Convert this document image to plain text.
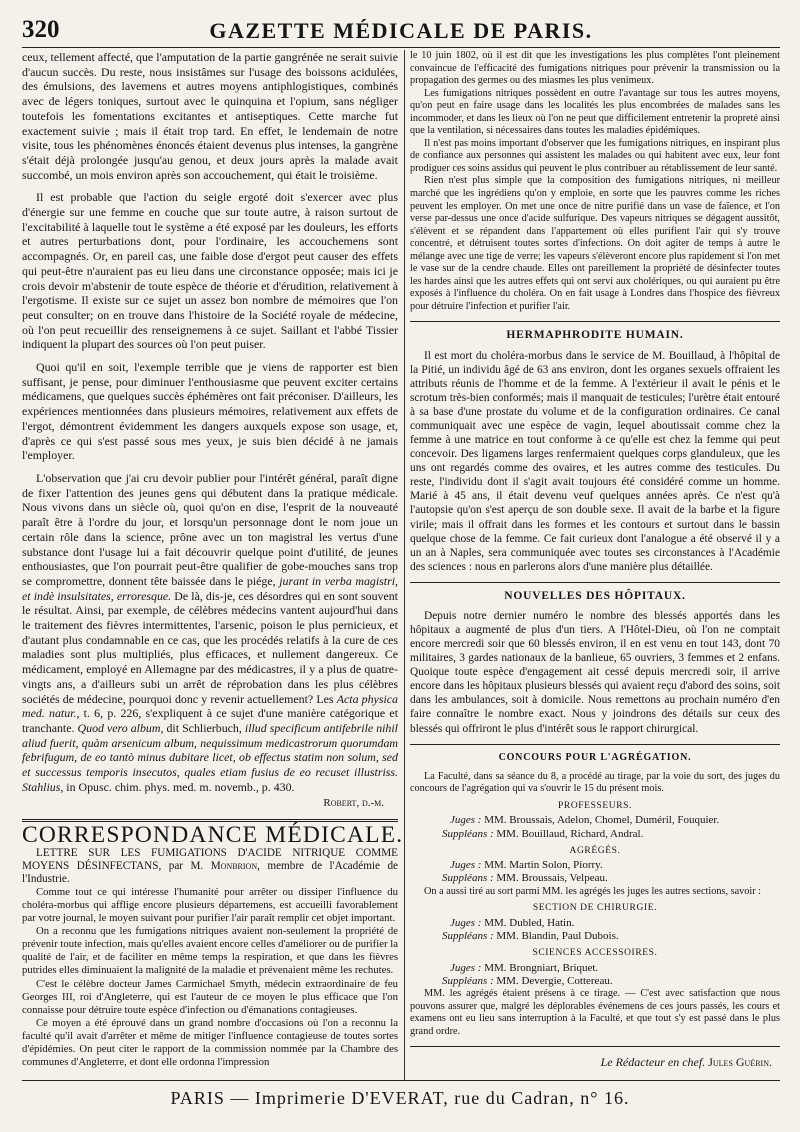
320	GAZETTE MÉDICALE DE PARIS.

ceux, tellement affecté, que l'amputation de la partie gangrénée ne serait suivie d'aucun succès. Du reste, nous insistâmes sur l'usage des boissons acidulées, des émulsions, des lavemens et autres moyens antiphlogistiques, combinés avec de légers toniques, surtout avec le quinquina et l'opium, sans négliger toutefois les fomentations excitantes et antiseptiques. Cette marche fut exactement suivie ; mais il était trop tard. En effet, le lendemain de notre visite, tous les phénomènes énoncés étaient devenus plus intenses, la gangrène s'était déjà prolongée jusqu'au genou, et deux jours après la malade avait succombé, un mois environ après son accouchement, qui était le troisième.

Il est probable que l'action du seigle ergoté doit s'exercer avec plus d'énergie sur une femme en couche que sur toute autre, à raison surtout de l'excitabilité à laquelle tout le système a été exposé par les douleurs, les efforts et autres perturbations dont, pour l'ordinaire, les accouchemens sont accompagnés. Or, en pareil cas, une faible dose d'ergot peut causer des effets qui peut-être n'auraient pas eu lieu dans une circonstance opposée; mais ici je crois devoir m'abstenir de toute espèce de théorie et d'érudition, relativement à l'ergotisme. Il existe sur ce sujet un assez bon nombre de mémoires que l'on peut consulter; on en trouve dans l'histoire de la Société royale de médecine, où l'on peut recueillir des renseignemens à ce sujet. Saillant et l'abbé Tissier indiquent la plupart des sources où l'on peut puiser.

Quoi qu'il en soit, l'exemple terrible que je viens de rapporter est bien suffisant, je pense, pour diminuer l'enthousiasme que peuvent exciter certains médicamens, que quelques succès éphémères ont fait préconiser. D'ailleurs, les expériences mentionnées dans plusieurs mémoires, relativement aux effets de l'ergot, démontrent évidemment les dangers auxquels expose son usage, et, d'après ce qui s'est passé sous mes yeux, je suis bien décidé à ne jamais l'employer.

L'observation que j'ai cru devoir publier pour l'intérêt général, paraît digne de fixer l'attention des jeunes gens qui débutent dans la pratique médicale. Nous vivons dans un siècle où, quoi qu'on en dise, l'esprit de la nouveauté paraît être à l'ordre du jour, et lorsqu'un personnage dont le nom joue un certain rôle dans la science, prône avec un ton magistral les vertus d'une substance dont l'usage lui a fait découvrir quelque point d'utilité, de jeunes enthousiastes, que l'on pourrait peut-être qualifier de gobe-mouches sans trop se compromettre, donnent tête baissée dans le piége, jurant in verba magistri, et indè insulsitates, erroresque. De là, dis-je, ces désordres qui en sont souvent le résultat. Ainsi, par exemple, de célèbres médecins vantent aujourd'hui dans le traitement des fièvres intermittentes, l'arsenic, poison le plus pernicieux, et d'autant plus condamnable en ce cas, que les procédés relatifs à la cure de ces maladies sont plus multipliés, plus efficaces, et nullement dangereux. Ce médicament, employé en Allemagne par des médicastres, il y a plus de quatre-vingts ans, a d'ailleurs subi un arrêt de réprobation dans les plus célèbres sociétés de médecine, pourquoi donc y revenir actuellement? Les Acta physica med. natur., t. 6, p. 226, s'expliquent à ce sujet d'une manière catégorique et tranchante. Quod vero album, dit Schlierbuch, illud specificum antifebrile nihil aliud fuerit, quàm arsenicum album, nequissimum medicastrorum quorumdam febrifugum, de eo tantò minus dubitare licet, ob effectus statim non solum, sed et successus temporis insecutos, quales etiam fusius de eo recuset illustriss. Stahlius, in Opusc. chim. phys. med. m. novemb., p. 430.

Robert, d.-m.
CORRESPONDANCE MÉDICALE.

LETTRE SUR LES FUMIGATIONS D'ACIDE NITRIQUE COMME MOYENS DÉSINFECTANS, par M. Monbrion, membre de l'Académie de l'Industrie.

Comme tout ce qui intéresse l'humanité pour arrêter ou dissiper l'influence du choléra-morbus qui afflige encore plusieurs départemens, est accueilli favorablement par votre journal, le moyen suivant pour purifier l'air paraît remplir cet objet important.

On a reconnu que les fumigations nitriques avaient non-seulement la propriété de prévenir toute infection, mais qu'elles avaient encore celles d'améliorer ou de purifier la qualité de l'air, et de faciliter en même temps la respiration, et que dans les fièvres putrides elles diminuaient la malignité de la maladie et prévenaient même les rechutes.

C'est le célèbre docteur James Carmichael Smyth, médecin extraordinaire de feu Georges III, roi d'Angleterre, qui est l'auteur de ce moyen le plus efficace que l'on connaisse pour détruire toute espèce d'infection ou d'émanations contagieuses.

Ce moyen a été éprouvé dans un grand nombre d'occasions où l'on a reconnu la faculté qu'il avait d'arrêter et même de mitiger l'influence contagieuse de toutes sortes d'épidémies. On peut citer le rapport de la commission nommée par la Chambre des communes d'Angleterre, et dont elle ordonna l'impression

le 10 juin 1802, où il est dit que les investigations les plus complètes l'ont pleinement convaincue de l'efficacité des fumigations nitriques pour prévenir la transmission ou la propagation des germes ou des miasmes les plus venimeux.

Les fumigations nitriques possèdent en outre l'avantage sur tous les autres moyens, qu'on peut en faire usage dans les localités les plus encombrées de malades sans les incommoder, et dans les lieux où l'on ne peut que difficilement entretenir la propreté ainsi que la ventilation, si nécessaires dans toutes les maladies épidémiques.

Il n'est pas moins important d'observer que les fumigations nitriques, en inspirant plus de confiance aux personnes qui assistent les malades ou qui habitent avec eux, leur font prodiguer ces soins assidus qui peuvent le plus contribuer au rétablissement de leur santé.

Rien n'est plus simple que la composition des fumigations nitriques, ni meilleur marché que les ingrédiens qu'on y emploie, en sorte que les pauvres comme les riches peuvent les employer. On met une once de nitre purifié dans un vase de faïence, et l'on verse par-dessus une once d'acide sulfurique. Des vapeurs nitriques se dégagent aussitôt, s'élèvent et se répandent dans l'appartement où elles purifient l'air qui s'y trouve concentré, et détruisent toutes sortes d'infections. On doit agiter de temps à autre le mélange avec une tige de verre; les vapeurs s'élèveront encore plus rapidement si l'on met le vase sur de la cendre chaude. Elles ont pareillement la propriété de désinfecter toutes les hardes ainsi que les autres effets qui ont servi aux cholériques, ou qui auraient pu être exposés à l'influence du choléra. On en fait usage à Londres dans l'hospice des fièvreux pour détruire l'infection et purifier l'air.

HERMAPHRODITE HUMAIN.

Il est mort du choléra-morbus dans le service de M. Bouillaud, à l'hôpital de la Pitié, un individu âgé de 63 ans environ, dont les organes sexuels offraient les attributs réunis de l'homme et de la femme. A l'extérieur il avait le pénis et le scrotum très-bien conformés; mais il manquait de testicules; l'urètre était entouré à sa base d'une prostate du volume et de la configuration ordinaires. Ce canal communiquait avec une espèce de vagin, lequel aboutissait comme chez la femme à une matrice en tout conforme à ce qu'elle est chez la femme qui peut concevoir. Des ligamens larges renfermaient quelques corps glanduleux, que les uns ont regardés comme des ovaires, et les autres comme des testicules. Du reste, l'individu dont il s'agit avait toujours été considéré comme un homme. Marié à 45 ans, il était devenu veuf quelques années après. Ce n'est qu'à l'autopsie qu'on s'est aperçu de son double sexe. Il avait de la barbe et la figure virile; mais il offrait dans les formes et les contours et surtout dans le bassin quelque chose de la femme. Ce fait curieux dont l'analogue a été observé il y a un an à Naples, sera communiquée avec toutes ses circonstances à l'Académie des sciences : nous en parlerons alors d'une manière plus détaillée.

NOUVELLES DES HÔPITAUX.

Depuis notre dernier numéro le nombre des blessés apportés dans les hôpitaux a augmenté de plus d'un tiers. A l'Hôtel-Dieu, où l'on ne comptait encore mercredi soir que 60 blessés environ, il en est venu en tout 143, dont 70 militaires, 3 gardes nationaux de la banlieue, 65 ouvriers, 3 femmes et 2 enfans. Quoique toute espèce d'engagement ait cessé depuis mercredi soir, il arrive encore dans les hôpitaux plusieurs blessés qui avaient reçu d'abord des soins, soit dans les ambulances, soit à domicile. Nous remettons au prochain numéro d'en faire connaître le nombre exact. Nous y joindrons des détails sur ceux des blessés qui offriront le plus d'intérêt sous le rapport chirurgical.

CONCOURS POUR L'AGRÉGATION.

La Faculté, dans sa séance du 8, a procédé au tirage, par la voie du sort, des juges du concours de l'agrégation qui va s'ouvrir le 15 du présent mois.

PROFESSEURS.
Juges : MM. Broussais, Adelon, Chomel, Duméril, Fouquier.
Suppléans : MM. Bouillaud, Richard, Andral.
AGRÉGÉS.
Juges : MM. Martin Solon, Piorry.
Suppléans : MM. Broussais, Velpeau.

On a aussi tiré au sort parmi MM. les agrégés les juges les autres sections, savoir :

SECTION DE CHIRURGIE.
Juges : MM. Dubled, Hatin.
Suppléans : MM. Blandin, Paul Dubois.
SCIENCES ACCESSOIRES.
Juges : MM. Brongniart, Briquet.
Suppléans : MM. Devergie, Cottereau.

MM. les agrégés étaient présens à ce tirage. — C'est avec satisfaction que nous pouvons assurer que, malgré les déplorables événemens de ces jours passés, les cours et examens ont eu lieu sans interruption à la Faculté, et que tout s'y est passé dans le plus grand ordre.

Le Rédacteur en chef. Jules Guérin.
PARIS — Imprimerie D'EVERAT, rue du Cadran, n° 16.
